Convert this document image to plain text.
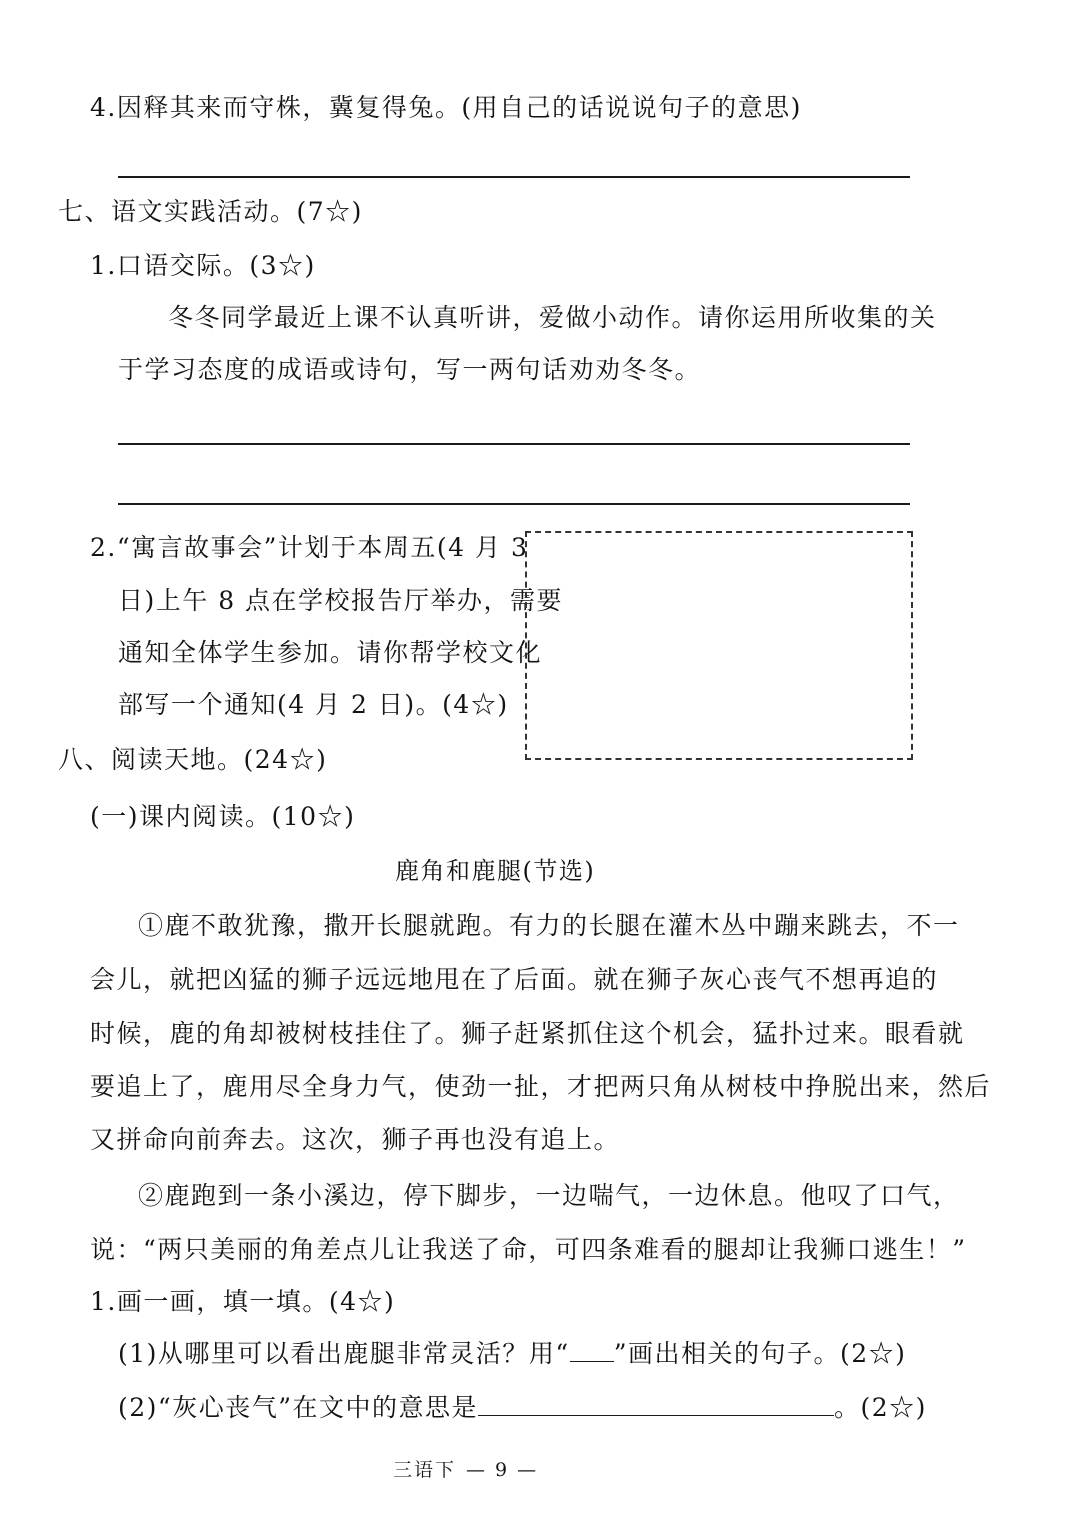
4.因释其来而守株，冀复得兔。(用自己的话说说句子的意思)
七、语文实践活动。(7☆)
1.口语交际。(3☆)
冬冬同学最近上课不认真听讲，爱做小动作。请你运用所收集的关
于学习态度的成语或诗句，写一两句话劝劝冬冬。
2.“寓言故事会”计划于本周五(4 月 3
日)上午 8 点在学校报告厅举办，需要
通知全体学生参加。请你帮学校文化
部写一个通知(4 月 2 日)。(4☆)
八、阅读天地。(24☆)
(一)课内阅读。(10☆)
鹿角和鹿腿(节选)
①鹿不敢犹豫，撒开长腿就跑。有力的长腿在灌木丛中蹦来跳去，不一
会儿，就把凶猛的狮子远远地甩在了后面。就在狮子灰心丧气不想再追的
时候，鹿的角却被树枝挂住了。狮子赶紧抓住这个机会，猛扑过来。眼看就
要追上了，鹿用尽全身力气，使劲一扯，才把两只角从树枝中挣脱出来，然后
又拼命向前奔去。这次，狮子再也没有追上。
②鹿跑到一条小溪边，停下脚步，一边喘气，一边休息。他叹了口气，
说：“两只美丽的角差点儿让我送了命，可四条难看的腿却让我狮口逃生！”
1.画一画，填一填。(4☆)
(1)从哪里可以看出鹿腿非常灵活？用“ ”画出相关的句子。(2☆)
(2)“灰心丧气”在文中的意思是	。(2☆)
三语下 — 9 —
